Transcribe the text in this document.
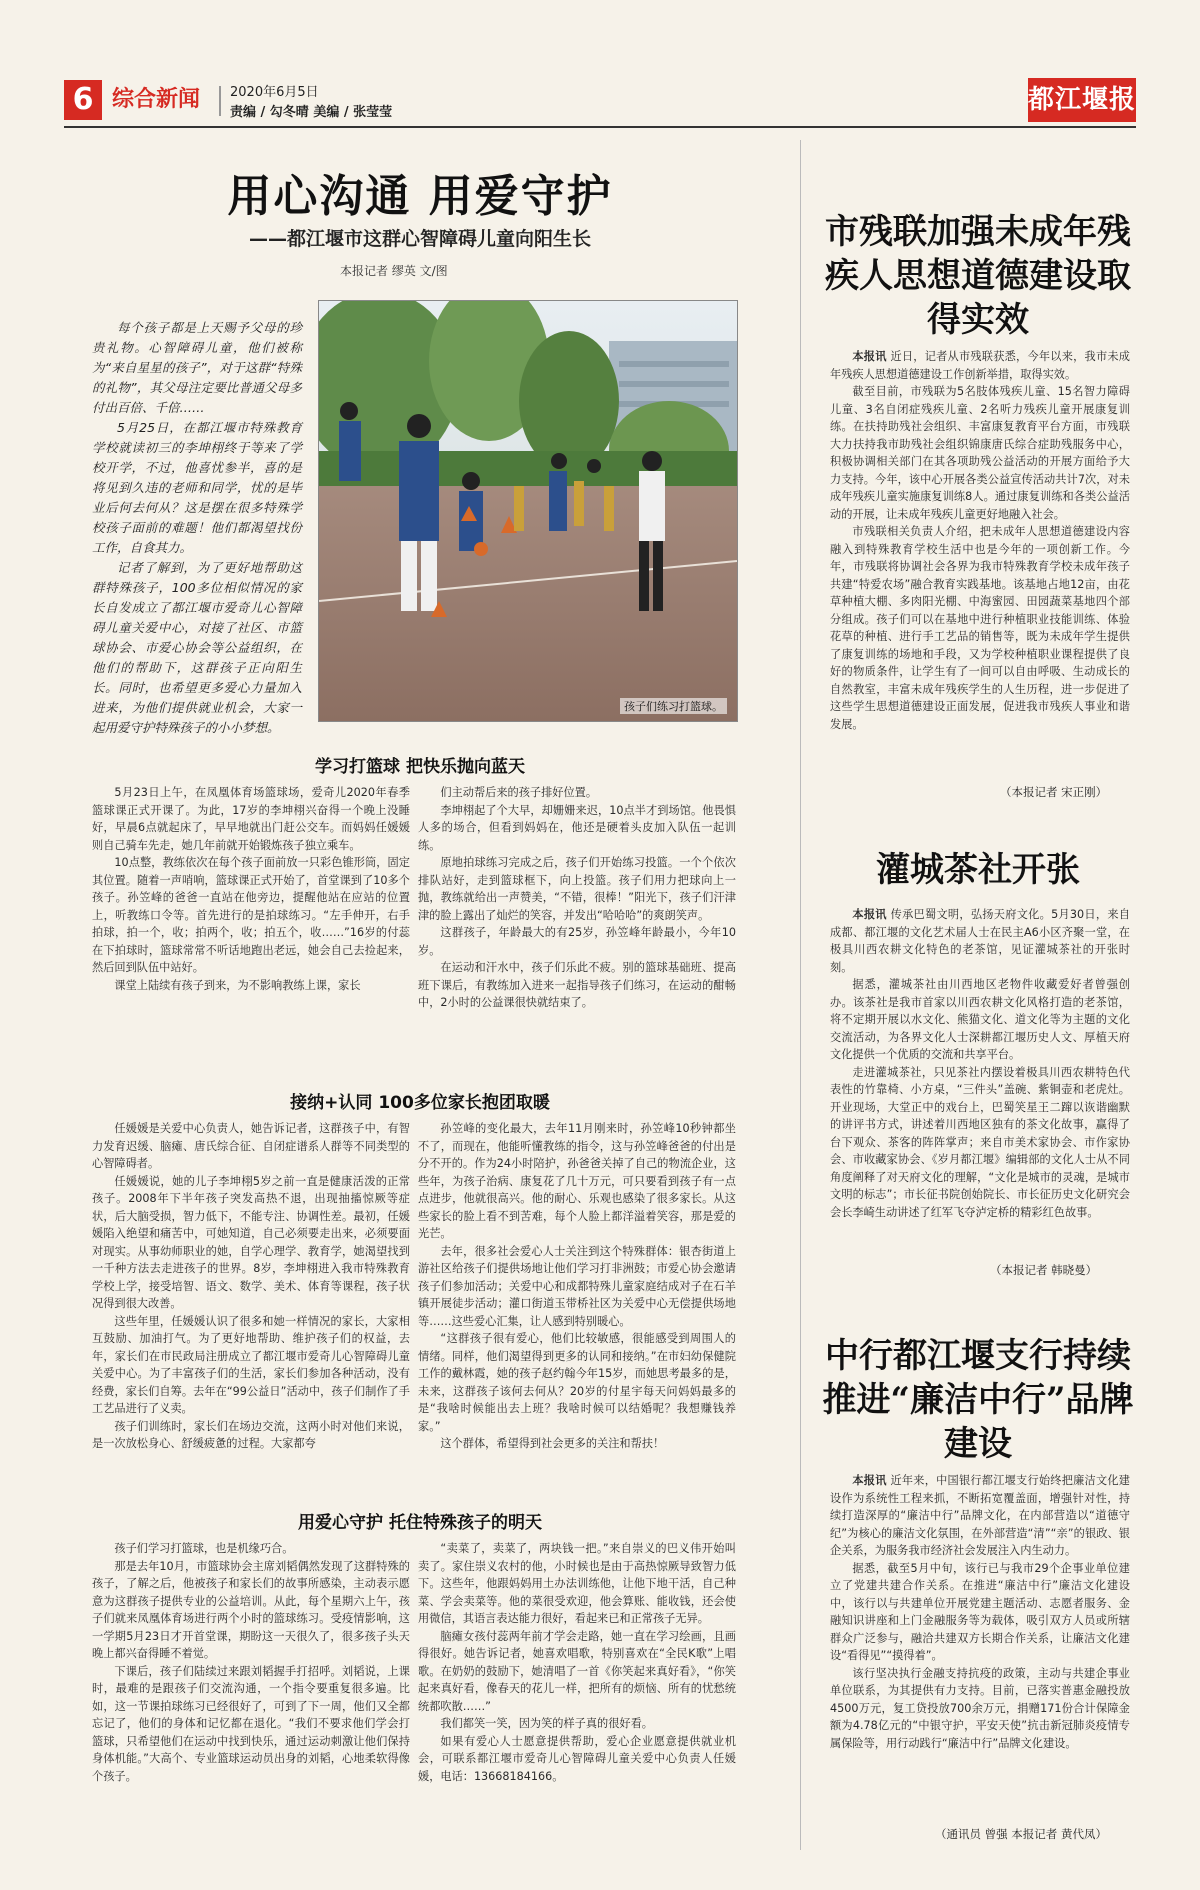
6 综合新闻 2020年6月5日
责编 / 勾冬晴 美编 / 张莹莹	都江堰报
用心沟通 用爱守护
——都江堰市这群心智障碍儿童向阳生长
本报记者 缪英 文/图

每个孩子都是上天赐予父母的珍贵礼物。心智障碍儿童，他们被称为“来自星星的孩子”，对于这群“特殊的礼物”，其父母注定要比普通父母多付出百倍、千倍……

5月25日，在都江堰市特殊教育学校就读初三的李坤栩终于等来了学校开学，不过，他喜忧参半，喜的是将见到久违的老师和同学，忧的是毕业后何去何从？这是摆在很多特殊学校孩子面前的难题！他们都渴望找份工作，自食其力。

记者了解到，为了更好地帮助这群特殊孩子，100多位相似情况的家长自发成立了都江堰市爱奇儿心智障碍儿童关爱中心，对接了社区、市篮球协会、市爱心协会等公益组织，在他们的帮助下，这群孩子正向阳生长。同时，也希望更多爱心力量加入进来，为他们提供就业机会，大家一起用爱守护特殊孩子的小小梦想。

孩子们练习打篮球。
学习打篮球 把快乐抛向蓝天

5月23日上午，在凤凰体育场篮球场，爱奇儿2020年春季篮球课正式开课了。为此，17岁的李坤栩兴奋得一个晚上没睡好，早晨6点就起床了，早早地就出门赶公交车。而妈妈任媛媛则自己骑车先走，她几年前就开始锻炼孩子独立乘车。

10点整，教练依次在每个孩子面前放一只彩色锥形筒，固定其位置。随着一声哨响，篮球课正式开始了，首堂课到了10多个孩子。孙笠峰的爸爸一直站在他旁边，提醒他站在应站的位置上，听教练口令等。首先进行的是拍球练习。“左手伸开，右手拍球，拍一个，收；拍两个，收；拍五个，收……”16岁的付蕊在下拍球时，篮球常常不听话地跑出老远，她会自己去捡起来，然后回到队伍中站好。

课堂上陆续有孩子到来，为不影响教练上课，家长

们主动帮后来的孩子排好位置。

李坤栩起了个大早，却姗姗来迟，10点半才到场馆。他畏惧人多的场合，但看到妈妈在，他还是硬着头皮加入队伍一起训练。

原地拍球练习完成之后，孩子们开始练习投篮。一个个依次排队站好，走到篮球框下，向上投篮。孩子们用力把球向上一抛，教练就给出一声赞美，“不错，很棒！”阳光下，孩子们汗津津的脸上露出了灿烂的笑容，并发出“哈哈哈”的爽朗笑声。

这群孩子，年龄最大的有25岁，孙笠峰年龄最小，今年10岁。

在运动和汗水中，孩子们乐此不疲。别的篮球基础班、提高班下课后，有教练加入进来一起指导孩子们练习，在运动的酣畅中，2小时的公益课很快就结束了。

接纳+认同 100多位家长抱团取暖

任媛媛是关爱中心负责人，她告诉记者，这群孩子中，有智力发育迟缓、脑瘫、唐氏综合征、自闭症谱系人群等不同类型的心智障碍者。

任媛媛说，她的儿子李坤栩5岁之前一直是健康活泼的正常孩子。2008年下半年孩子突发高热不退，出现抽搐惊厥等症状，后大脑受损，智力低下，不能专注、协调性差。最初，任媛媛陷入绝望和痛苦中，可她知道，自己必须要走出来，必须要面对现实。从事幼师职业的她，自学心理学、教育学，她渴望找到一千种方法去走进孩子的世界。8岁，李坤栩进入我市特殊教育学校上学，接受培智、语文、数学、美术、体育等课程，孩子状况得到很大改善。

这些年里，任媛媛认识了很多和她一样情况的家长，大家相互鼓励、加油打气。为了更好地帮助、维护孩子们的权益，去年，家长们在市民政局注册成立了都江堰市爱奇儿心智障碍儿童关爱中心。为了丰富孩子们的生活，家长们参加各种活动，没有经费，家长们自筹。去年在“99公益日”活动中，孩子们制作了手工艺品进行了义卖。

孩子们训练时，家长们在场边交流，这两小时对他们来说，是一次放松身心、舒缓疲惫的过程。大家都夸

孙笠峰的变化最大，去年11月刚来时，孙笠峰10秒钟都坐不了，而现在，他能听懂教练的指令，这与孙笠峰爸爸的付出是分不开的。作为24小时陪护，孙爸爸关掉了自己的物流企业，这些年，为孩子治病、康复花了几十万元，可只要看到孩子有一点点进步，他就很高兴。他的耐心、乐观也感染了很多家长。从这些家长的脸上看不到苦难，每个人脸上都洋溢着笑容，那是爱的光芒。

去年，很多社会爱心人士关注到这个特殊群体：银杏街道上游社区给孩子们提供场地让他们学习打非洲鼓；市爱心协会邀请孩子们参加活动；关爱中心和成都特殊儿童家庭结成对子在石羊镇开展徒步活动；灌口街道玉带桥社区为关爱中心无偿提供场地等……这些爱心汇集，让人感到特别暖心。

“这群孩子很有爱心，他们比较敏感，很能感受到周围人的情绪。同样，他们渴望得到更多的认同和接纳。”在市妇幼保健院工作的戴林霞，她的孩子赵约翰今年15岁，而她思考最多的是，未来，这群孩子该何去何从？20岁的付星宇每天问妈妈最多的是“我啥时候能出去上班？我啥时候可以结婚呢？我想赚钱养家。”

这个群体，希望得到社会更多的关注和帮扶！

用爱心守护 托住特殊孩子的明天

孩子们学习打篮球，也是机缘巧合。

那是去年10月，市篮球协会主席刘韬偶然发现了这群特殊的孩子，了解之后，他被孩子和家长们的故事所感染，主动表示愿意为这群孩子提供专业的公益培训。从此，每个星期六上午，孩子们就来凤凰体育场进行两个小时的篮球练习。受疫情影响，这一学期5月23日才开首堂课，期盼这一天很久了，很多孩子头天晚上都兴奋得睡不着觉。

下课后，孩子们陆续过来跟刘韬握手打招呼。刘韬说，上课时，最难的是跟孩子们交流沟通，一个指令要重复很多遍。比如，这一节课拍球练习已经很好了，可到了下一周，他们又全都忘记了，他们的身体和记忆都在退化。“我们不要求他们学会打篮球，只希望他们在运动中找到快乐，通过运动刺激让他们保持身体机能。”大高个、专业篮球运动员出身的刘韬，心地柔软得像个孩子。

“卖菜了，卖菜了，两块钱一把。”来自崇义的巴义伟开始叫卖了。家住崇义农村的他，小时候也是由于高热惊厥导致智力低下。这些年，他跟妈妈用土办法训练他，让他下地干活，自己种菜、学会卖菜等。他的菜很受欢迎，他会算账、能收钱，还会使用微信，其语言表达能力很好，看起来已和正常孩子无异。

脑瘫女孩付蕊两年前才学会走路，她一直在学习绘画，且画得很好。她告诉记者，她喜欢唱歌，特别喜欢在“全民K歌”上唱歌。在奶奶的鼓励下，她清唱了一首《你笑起来真好看》，“你笑起来真好看，像春天的花儿一样，把所有的烦恼、所有的忧愁统统都吹散……”

我们都笑一笑，因为笑的样子真的很好看。

如果有爱心人士愿意提供帮助，爱心企业愿意提供就业机会，可联系都江堰市爱奇儿心智障碍儿童关爱中心负责人任媛媛，电话：13668184166。

市残联加强未成年残疾人思想道德建设取得实效

本报讯 近日，记者从市残联获悉，今年以来，我市未成年残疾人思想道德建设工作创新举措，取得实效。

截至目前，市残联为5名肢体残疾儿童、15名智力障碍儿童、3名自闭症残疾儿童、2名听力残疾儿童开展康复训练。在扶持助残社会组织、丰富康复教育平台方面，市残联大力扶持我市助残社会组织锦康唐氏综合症助残服务中心，积极协调相关部门在其各项助残公益活动的开展方面给予大力支持。今年，该中心开展各类公益宣传活动共计7次，对未成年残疾儿童实施康复训练8人。通过康复训练和各类公益活动的开展，让未成年残疾儿童更好地融入社会。

市残联相关负责人介绍，把未成年人思想道德建设内容融入到特殊教育学校生活中也是今年的一项创新工作。今年，市残联将协调社会各界为我市特殊教育学校未成年孩子共建“特爱农场”融合教育实践基地。该基地占地12亩，由花草种植大棚、多肉阳光棚、中海蜜园、田园蔬菜基地四个部分组成。孩子们可以在基地中进行种植职业技能训练、体验花草的种植、进行手工艺品的销售等，既为未成年学生提供了康复训练的场地和手段，又为学校种植职业课程提供了良好的物质条件，让学生有了一间可以自由呼吸、生动成长的自然教室，丰富未成年残疾学生的人生历程，进一步促进了这些学生思想道德建设正面发展，促进我市残疾人事业和谐发展。

（本报记者 宋正刚）
灌城茶社开张

本报讯 传承巴蜀文明，弘扬天府文化。5月30日，来自成都、都江堰的文化艺术届人士在民主A6小区齐聚一堂，在极具川西农耕文化特色的老茶馆，见证灌城茶社的开张时刻。

据悉，灌城茶社由川西地区老物件收藏爱好者曾强创办。该茶社是我市首家以川西农耕文化风格打造的老茶馆，将不定期开展以水文化、熊猫文化、道文化等为主题的文化交流活动，为各界文化人士深耕都江堰历史人文、厚植天府文化提供一个优质的交流和共享平台。

走进灌城茶社，只见茶社内摆设着极具川西农耕特色代表性的竹靠椅、小方桌，“三件头”盖碗、紫铜壶和老虎灶。开业现场，大堂正中的戏台上，巴蜀笑星王二蹿以诙谐幽默的讲评书方式，讲述着川西地区独有的茶文化故事，赢得了台下观众、茶客的阵阵掌声；来自市美术家协会、市作家协会、市收藏家协会、《岁月都江堰》编辑部的文化人士从不同角度阐释了对天府文化的理解，“文化是城市的灵魂，是城市文明的标志”；市长征书院创始院长、市长征历史文化研究会会长李崎生动讲述了红军飞夺泸定桥的精彩红色故事。

（本报记者 韩晓曼）
中行都江堰支行持续推进“廉洁中行”品牌建设

本报讯 近年来，中国银行都江堰支行始终把廉洁文化建设作为系统性工程来抓，不断拓宽覆盖面，增强针对性，持续打造深厚的“廉洁中行”品牌文化，在内部营造以“道德守纪”为核心的廉洁文化氛围，在外部营造“清”“亲”的银政、银企关系，为服务我市经济社会发展注入内生动力。

据悉，截至5月中旬，该行已与我市29个企事业单位建立了党建共建合作关系。在推进“廉洁中行”廉洁文化建设中，该行以与共建单位开展党建主题活动、志愿者服务、金融知识讲座和上门金融服务等为载体，吸引双方人员或所辖群众广泛参与，融洽共建双方长期合作关系，让廉洁文化建设“看得见”“摸得着”。

该行坚决执行金融支持抗疫的政策，主动与共建企事业单位联系，为其提供有力支持。目前，已落实普惠金融投放4500万元，复工贷投放700余万元，捐赠171份合计保障金额为4.78亿元的“中银守护，平安天使”抗击新冠肺炎疫情专属保险等，用行动践行“廉洁中行”品牌文化建设。

（通讯员 曾强 本报记者 黄代凤）
